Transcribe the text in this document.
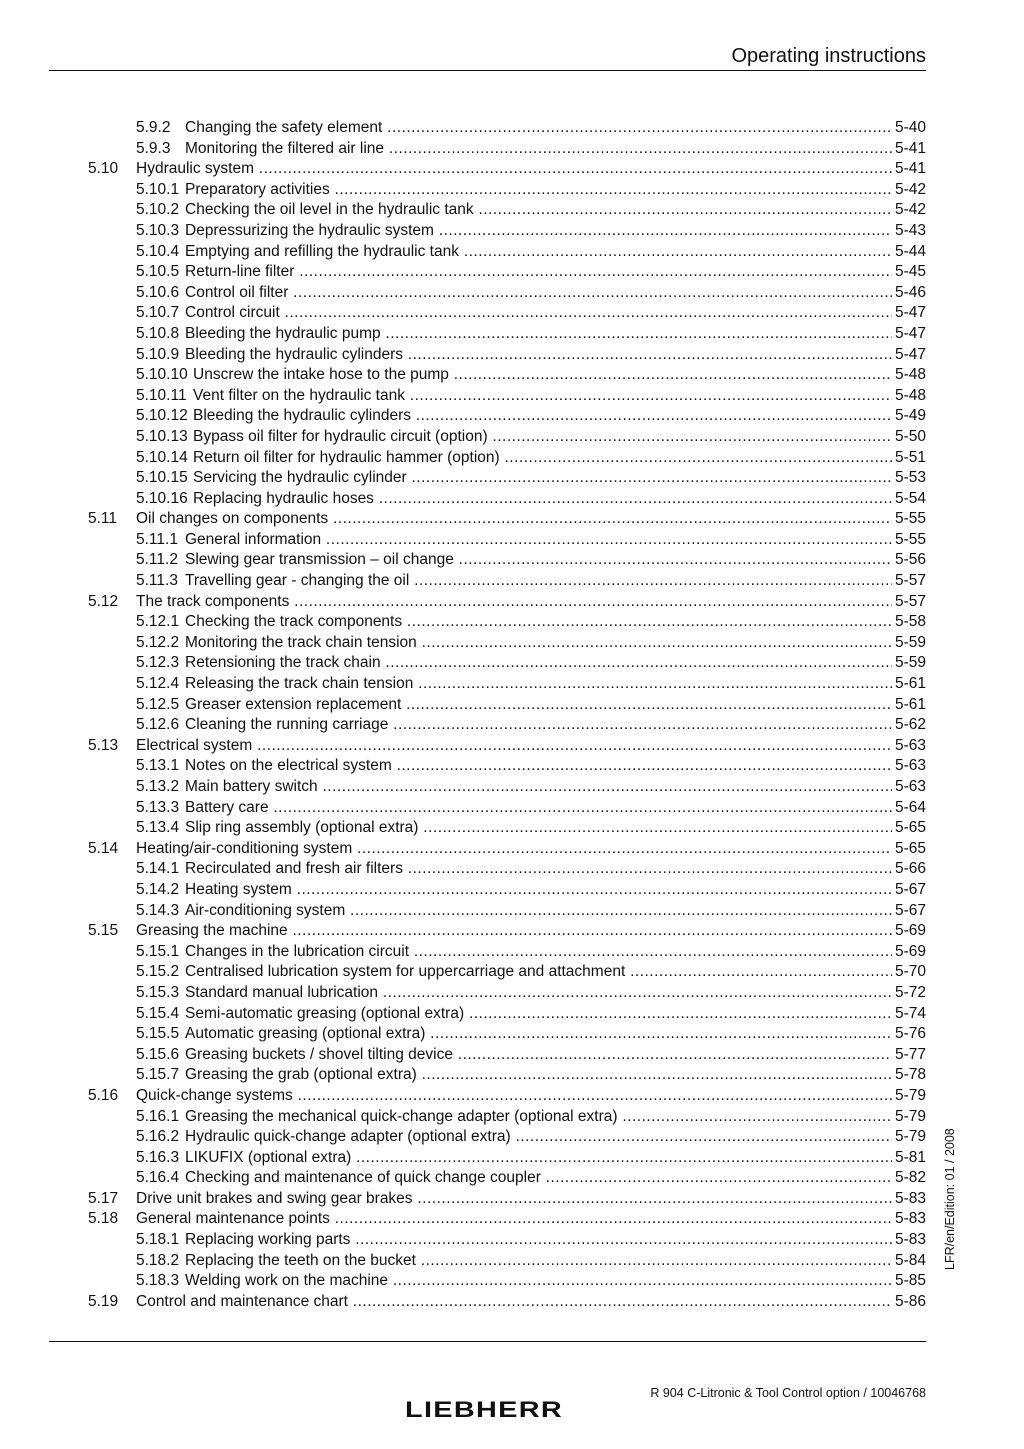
Operating instructions
5.9.2 Changing the safety element .....	5-40
5.9.3 Monitoring the filtered air line .....	5-41
5.10 Hydraulic system .....	5-41
5.10.1 Preparatory activities .....	5-42
5.10.2 Checking the oil level in the hydraulic tank .....	5-42
5.10.3 Depressurizing the hydraulic system .....	5-43
5.10.4 Emptying and refilling the hydraulic tank .....	5-44
5.10.5 Return-line filter .....	5-45
5.10.6 Control oil filter .....	5-46
5.10.7 Control circuit .....	5-47
5.10.8 Bleeding the hydraulic pump .....	5-47
5.10.9 Bleeding the hydraulic cylinders .....	5-47
5.10.10 Unscrew the intake hose to the pump .....	5-48
5.10.11 Vent filter on the hydraulic tank .....	5-48
5.10.12 Bleeding the hydraulic cylinders .....	5-49
5.10.13 Bypass oil filter for hydraulic circuit (option) .....	5-50
5.10.14 Return oil filter for hydraulic hammer (option) .....	5-51
5.10.15 Servicing the hydraulic cylinder .....	5-53
5.10.16 Replacing hydraulic hoses .....	5-54
5.11 Oil changes on components .....	5-55
5.11.1 General information .....	5-55
5.11.2 Slewing gear transmission – oil change .....	5-56
5.11.3 Travelling gear - changing the oil .....	5-57
5.12 The track components .....	5-57
5.12.1 Checking the track components .....	5-58
5.12.2 Monitoring the track chain tension .....	5-59
5.12.3 Retensioning the track chain .....	5-59
5.12.4 Releasing the track chain tension .....	5-61
5.12.5 Greaser extension replacement .....	5-61
5.12.6 Cleaning the running carriage .....	5-62
5.13 Electrical system .....	5-63
5.13.1 Notes on the electrical system .....	5-63
5.13.2 Main battery switch .....	5-63
5.13.3 Battery care .....	5-64
5.13.4 Slip ring assembly (optional extra) .....	5-65
5.14 Heating/air-conditioning system .....	5-65
5.14.1 Recirculated and fresh air filters .....	5-66
5.14.2 Heating system .....	5-67
5.14.3 Air-conditioning system .....	5-67
5.15 Greasing the machine .....	5-69
5.15.1 Changes in the lubrication circuit .....	5-69
5.15.2 Centralised lubrication system for uppercarriage and attachment .....	5-70
5.15.3 Standard manual lubrication .....	5-72
5.15.4 Semi-automatic greasing (optional extra) .....	5-74
5.15.5 Automatic greasing (optional extra) .....	5-76
5.15.6 Greasing buckets / shovel tilting device .....	5-77
5.15.7 Greasing the grab (optional extra) .....	5-78
5.16 Quick-change systems .....	5-79
5.16.1 Greasing the mechanical quick-change adapter (optional extra) .....	5-79
5.16.2 Hydraulic quick-change adapter (optional extra) .....	5-79
5.16.3 LIKUFIX (optional extra) .....	5-81
5.16.4 Checking and maintenance of quick change coupler .....	5-82
5.17 Drive unit brakes and swing gear brakes .....	5-83
5.18 General maintenance points .....	5-83
5.18.1 Replacing working parts .....	5-83
5.18.2 Replacing the teeth on the bucket .....	5-84
5.18.3 Welding work on the machine .....	5-85
5.19 Control and maintenance chart .....	5-86
LFR/en/Edition: 01 / 2008
LIEBHERR
R 904 C-Litronic & Tool Control option / 10046768
